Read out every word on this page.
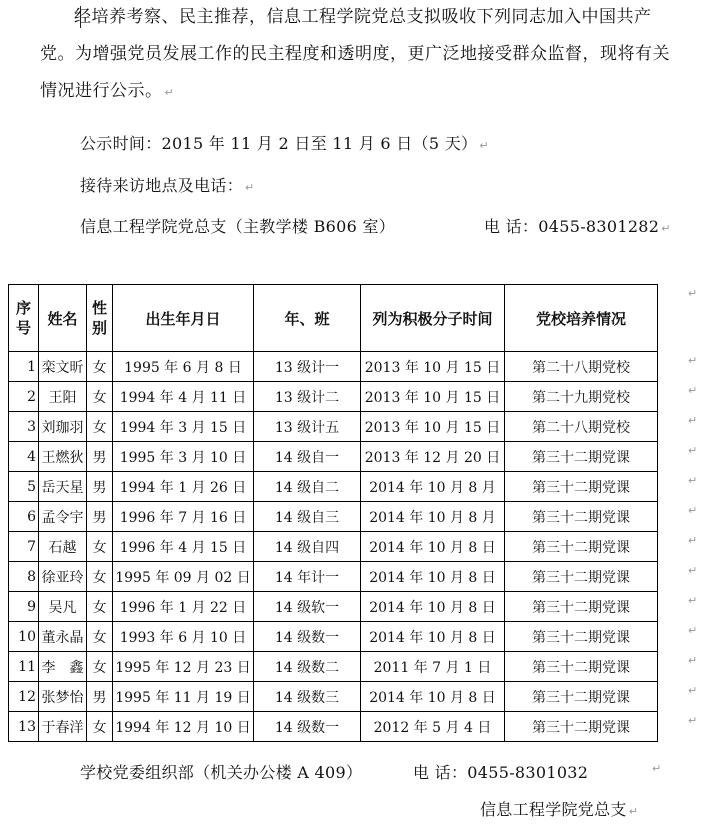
经培养考察、民主推荐，信息工程学院党总支拟吸收下列同志加入中国共产党。为增强党员发展工作的民主程度和透明度，更广泛地接受群众监督，现将有关情况进行公示。 ↵
公示时间：2015 年 11 月 2 日至 11 月 6 日（5 天） ↵
接待来访地点及电话： ↵
信息工程学院党总支（主教学楼 B606 室）	电 话：0455-8301282 ↵
序号	姓名	性别	出生年月日	年、班	列为积极分子时间	党校培养情况
1	栾文昕	女	1995 年 6 月 8 日	13 级计一	2013 年 10 月 15 日	第二十八期党校
2	王阳	女	1994 年 4 月 11 日	13 级计二	2013 年 10 月 15 日	第二十九期党校
3	刘珈羽	女	1994 年 3 月 15 日	13 级计五	2013 年 10 月 15 日	第二十八期党校
4	王燃狄	男	1995 年 3 月 10 日	14 级自一	2013 年 12 月 20 日	第三十二期党课
5	岳天星	男	1994 年 1 月 26 日	14 级自二	2014 年 10 月 8 月	第三十二期党课
6	孟令宇	男	1996 年 7 月 16 日	14 级自三	2014 年 10 月 8 月	第三十二期党课
7	石越	女	1996 年 4 月 15 日	14 级自四	2014 年 10 月 8 日	第三十二期党课
8	徐亚玲	女	1995 年 09 月 02 日	14 年计一	2014 年 10 月 8 日	第三十二期党课
9	吴凡	女	1996 年 1 月 22 日	14 级软一	2014 年 10 月 8 日	第三十二期党课
10	董永晶	女	1993 年 6 月 10 日	14 级数一	2014 年 10 月 8 日	第三十二期党课
11	李　鑫	女	1995 年 12 月 23 日	14 级数二	2011 年 7 月 1 日	第三十二期党课
12	张梦怡	男	1995 年 11 月 19 日	14 级数三	2014 年 10 月 8 日	第三十二期党课
13	于春洋	女	1994 年 12 月 10 日	14 级数一	2012 年 5 月 4 日	第三十二期党课
学校党委组织部（机关办公楼 A 409）	电 话：0455-8301032	↵
信息工程学院党总支 ↵
↵
↵
↵
↵
↵
↵
↵
↵
↵
↵
↵
↵
↵
↵
